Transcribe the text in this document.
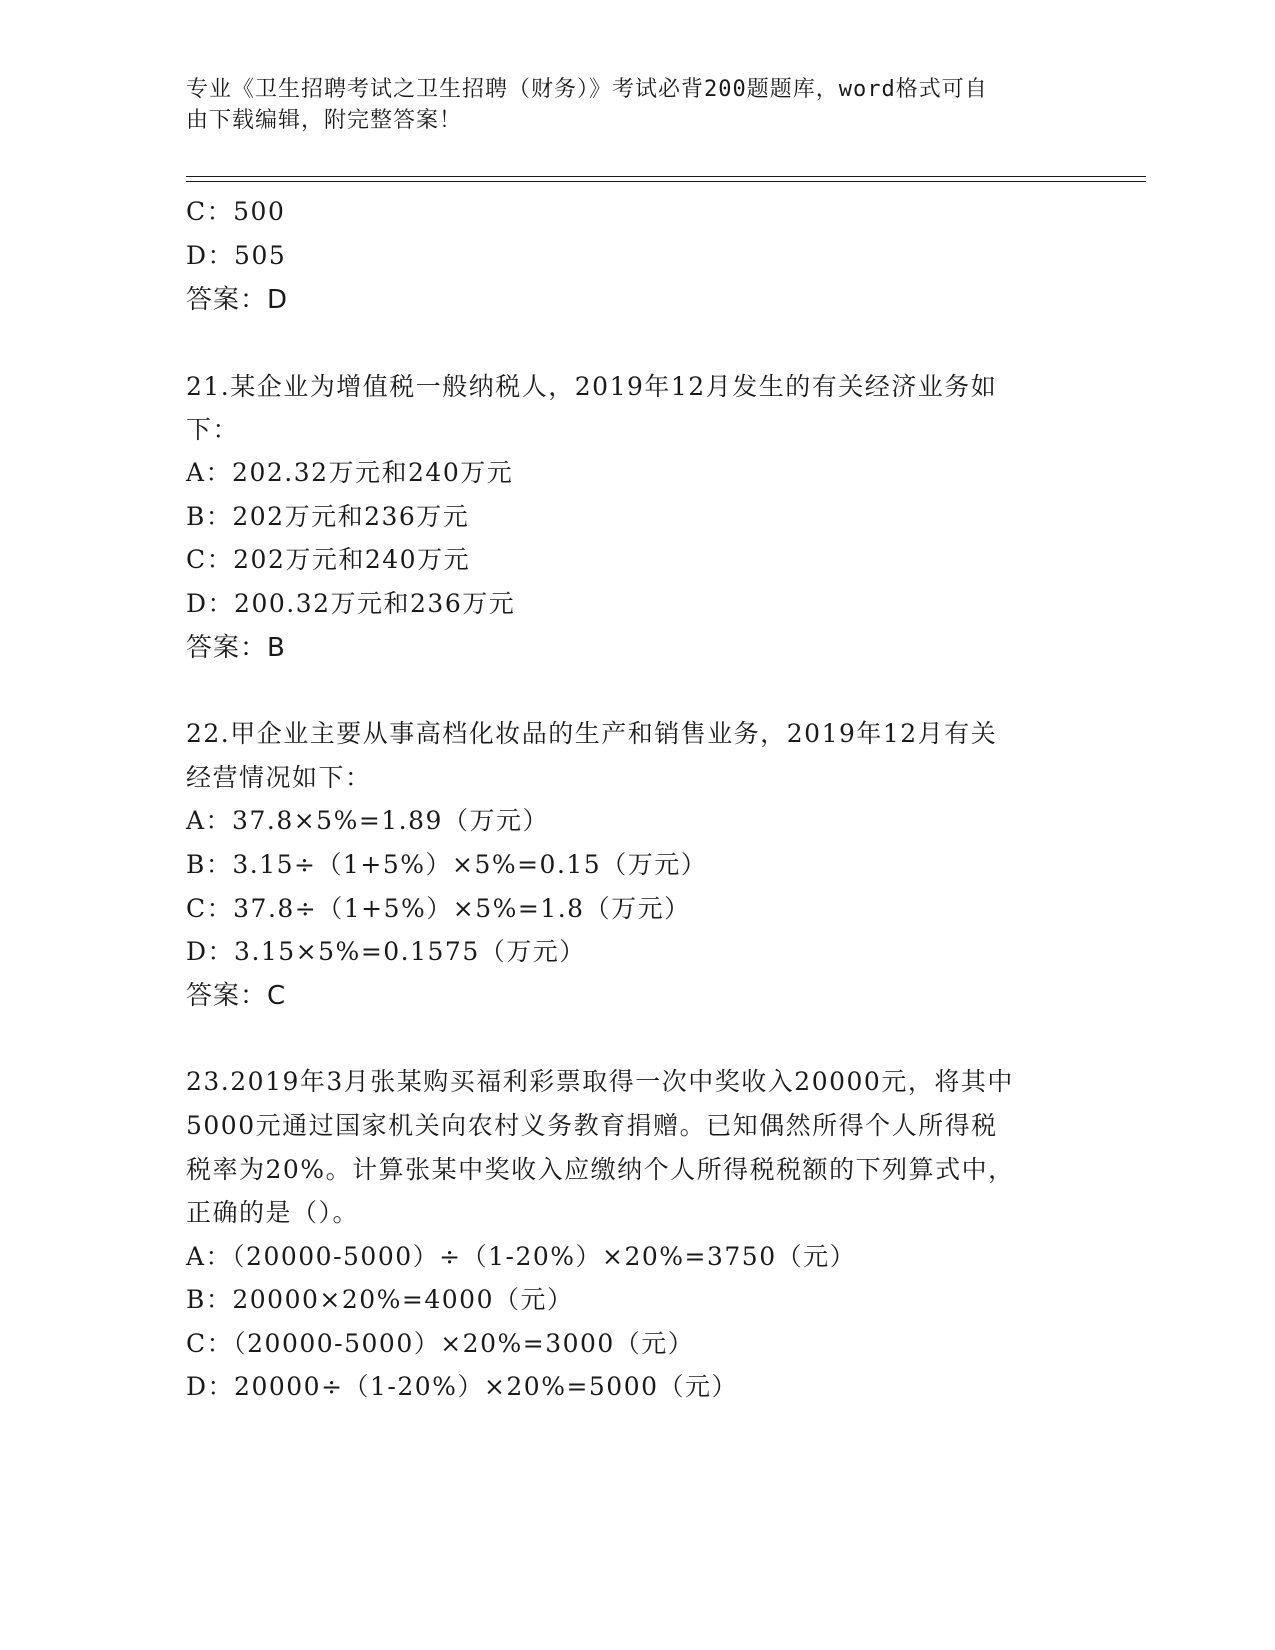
专业《卫生招聘考试之卫生招聘（财务）》考试必背200题题库，word格式可自
由下载编辑，附完整答案！
C：500
D：505
答案：D
21.某企业为增值税一般纳税人，2019年12月发生的有关经济业务如
下：
A：202.32万元和240万元
B：202万元和236万元
C：202万元和240万元
D：200.32万元和236万元
答案：B
22.甲企业主要从事高档化妆品的生产和销售业务，2019年12月有关
经营情况如下：
A：37.8×5%=1.89（万元）
B：3.15÷（1+5%）×5%=0.15（万元）
C：37.8÷（1+5%）×5%=1.8（万元）
D：3.15×5%=0.1575（万元）
答案：C
23.2019年3月张某购买福利彩票取得一次中奖收入20000元，将其中
5000元通过国家机关向农村义务教育捐赠。已知偶然所得个人所得税
税率为20%。计算张某中奖收入应缴纳个人所得税税额的下列算式中，
正确的是（）。
A：（20000-5000）÷（1-20%）×20%=3750（元）
B：20000×20%=4000（元）
C：（20000-5000）×20%=3000（元）
D：20000÷（1-20%）×20%=5000（元）
